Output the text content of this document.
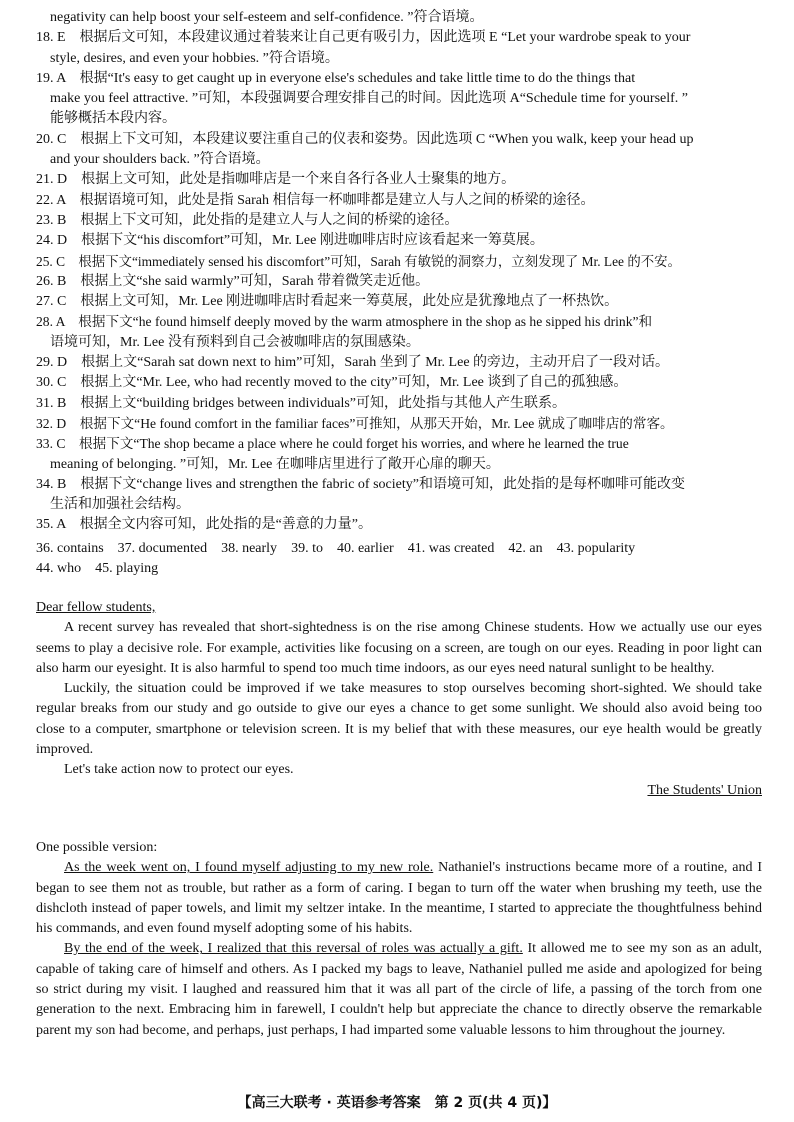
negativity can help boost your self-esteem and self-confidence. ”符合语境。
18. E　根据后文可知，本段建议通过着装来让自己更有吸引力，因此选项 E “Let your wardrobe speak to your
style, desires, and even your hobbies. ”符合语境。
19. A　根据“It's easy to get caught up in everyone else's schedules and take little time to do the things that
make you feel attractive. ”可知，本段强调要合理安排自己的时间。因此选项 A“Schedule time for yourself. ”
能够概括本段内容。
20. C　根据上下文可知，本段建议要注重自己的仪表和姿势。因此选项 C “When you walk, keep your head up
and your shoulders back. ”符合语境。
21. D　根据上文可知，此处是指咖啡店是一个来自各行各业人士聚集的地方。
22. A　根据语境可知，此处是指 Sarah 相信每一杯咖啡都是建立人与人之间的桥梁的途径。
23. B　根据上下文可知，此处指的是建立人与人之间的桥梁的途径。
24. D　根据下文“his discomfort”可知，Mr. Lee 刚进咖啡店时应该看起来一筹莫展。
25. C　根据下文“immediately sensed his discomfort”可知，Sarah 有敏锐的洞察力，立刻发现了 Mr. Lee 的不安。
26. B　根据上文“she said warmly”可知，Sarah 带着微笑走近他。
27. C　根据上文可知，Mr. Lee 刚进咖啡店时看起来一筹莫展，此处应是犹豫地点了一杯热饮。
28. A　根据下文“he found himself deeply moved by the warm atmosphere in the shop as he sipped his drink”和
语境可知，Mr. Lee 没有预料到自己会被咖啡店的氛围感染。
29. D　根据上文“Sarah sat down next to him”可知，Sarah 坐到了 Mr. Lee 的旁边，主动开启了一段对话。
30. C　根据上文“Mr. Lee, who had recently moved to the city”可知，Mr. Lee 谈到了自己的孤独感。
31. B　根据上文“building bridges between individuals”可知，此处指与其他人产生联系。
32. D　根据下文“He found comfort in the familiar faces”可推知，从那天开始，Mr. Lee 就成了咖啡店的常客。
33. C　根据下文“The shop became a place where he could forget his worries, and where he learned the true
meaning of belonging. ”可知，Mr. Lee 在咖啡店里进行了敞开心扉的聊天。
34. B　根据下文“change lives and strengthen the fabric of society”和语境可知，此处指的是每杯咖啡可能改变
生活和加强社会结构。
35. A　根据全文内容可知，此处指的是“善意的力量”。
36. contains 37. documented 38. nearly 39. to 40. earlier 41. was created 42. an 43. popularity
44. who 45. playing

Dear fellow students,

A recent survey has revealed that short-sightedness is on the rise among Chinese students. How we actually use our eyes seems to play a decisive role. For example, activities like focusing on a screen, are tough on our eyes. Reading in poor light can also harm our eyesight. It is also harmful to spend too much time indoors, as our eyes need natural sunlight to be healthy.

Luckily, the situation could be improved if we take measures to stop ourselves becoming short-sighted. We should take regular breaks from our study and go outside to give our eyes a chance to get some sunlight. We should also avoid being too close to a computer, smartphone or television screen. It is my belief that with these measures, our eye health would be greatly improved.

Let's take action now to protect our eyes.

The Students' Union

One possible version:

As the week went on, I found myself adjusting to my new role. Nathaniel's instructions became more of a routine, and I began to see them not as trouble, but rather as a form of caring. I began to turn off the water when brushing my teeth, use the dishcloth instead of paper towels, and limit my seltzer intake. In the meantime, I started to appreciate the thoughtfulness behind his commands, and even found myself adopting some of his habits.

By the end of the week, I realized that this reversal of roles was actually a gift. It allowed me to see my son as an adult, capable of taking care of himself and others. As I packed my bags to leave, Nathaniel pulled me aside and apologized for being so strict during my visit. I laughed and reassured him that it was all part of the circle of life, a passing of the torch from one generation to the next. Embracing him in farewell, I couldn't help but appreciate the chance to directly observe the remarkable parent my son had become, and perhaps, just perhaps, I had imparted some valuable lessons to him throughout the journey.

【高三大联考 · 英语参考答案　第 2 页(共 4 页)】
